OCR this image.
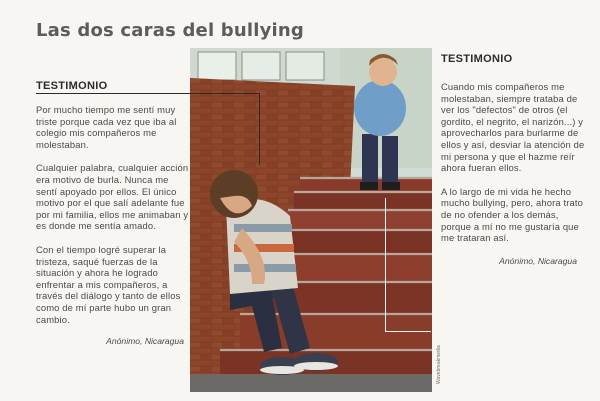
Las dos caras del bullying
TESTIMONIO

Por mucho tiempo me sentí muy triste porque cada vez que iba al colegio mis compañeros me molestaban.

Cualquier palabra, cualquier acción era motivo de burla. Nunca me sentí apoyado por ellos. El único motivo por el que salí adelante fue por mi familia, ellos me animaban y es donde me sentía amado.

Con el tiempo logré superar la tristeza, saqué fuerzas de la situación y ahora he logrado enfrentar a mis compañeros, a través del diálogo y tanto de ellos como de mí parte hubo un gran cambio.

Anónimo, Nicaragua
Wavebreakmedia
TESTIMONIO

Cuando mis compañeros me molestaban, siempre trataba de ver los "defectos" de otros (el gordito, el negrito, el narizón...) y aprovecharlos para burlarme de ellos y así, desviar la atención de mi persona y que el hazme reír ahora fueran ellos.

A lo largo de mi vida he hecho mucho bullying, pero, ahora trato de no ofender a los demás, porque a mí no me gustaría que me trataran así.

Anónimo, Nicaragua
